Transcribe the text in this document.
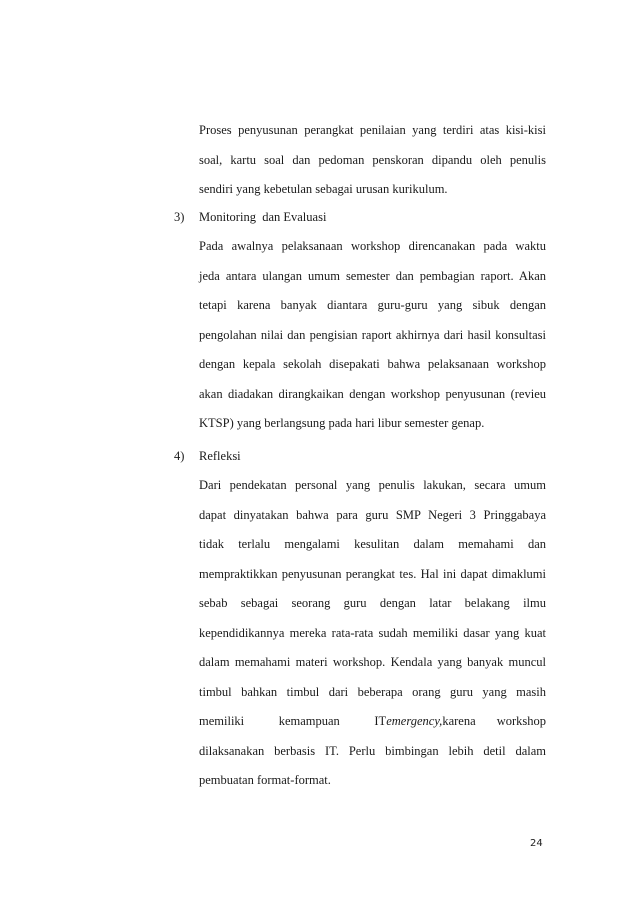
Proses penyusunan perangkat penilaian yang terdiri atas kisi-kisi
soal, kartu soal dan pedoman penskoran dipandu oleh penulis
sendiri yang kebetulan sebagai urusan kurikulum.
3) Monitoring  dan Evaluasi
Pada awalnya pelaksanaan workshop direncanakan pada waktu
jeda antara ulangan umum semester dan pembagian raport. Akan
tetapi karena banyak diantara guru-guru yang sibuk dengan
pengolahan nilai dan pengisian raport akhirnya dari hasil konsultasi
dengan kepala sekolah disepakati bahwa pelaksanaan workshop
akan diadakan dirangkaikan dengan workshop penyusunan (revieu
KTSP) yang berlangsung pada hari libur semester genap.
4) Refleksi
Dari pendekatan personal yang penulis lakukan, secara umum
dapat dinyatakan bahwa para guru SMP Negeri 3 Pringgabaya
tidak terlalu mengalami kesulitan dalam memahami dan
mempraktikkan penyusunan perangkat tes. Hal ini dapat dimaklumi
sebab sebagai seorang guru dengan latar belakang ilmu
kependidikannya mereka rata-rata sudah memiliki dasar yang kuat
dalam memahami materi workshop. Kendala yang banyak muncul
timbul bahkan timbul dari beberapa orang guru yang masih
memiliki	kemampuan	IT emergency, karena workshop
dilaksanakan berbasis IT. Perlu bimbingan lebih detil dalam
pembuatan format-format.
24
